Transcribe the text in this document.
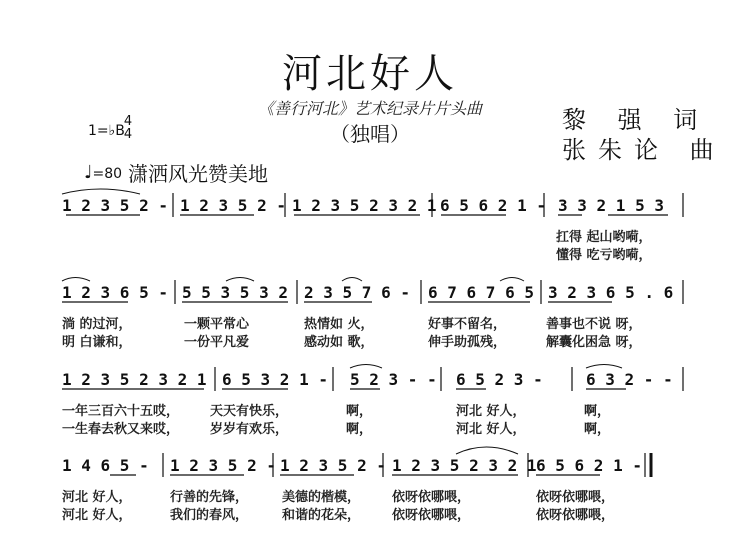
河北好人
《善行河北》艺术纪录片片头曲
（独唱）	黎 强 词
张朱论 曲
1=♭B
4
4
♩=80 潇洒风光赞美地
1 2 3 5 2 - 1 2 3 5 2 - 1 2 3 5 2 3 2 1 6 5 6 2 1 - 3 3 2 1 5 3
扛得 起山哟嗬，
懂得 吃亏哟嗬，
1 2 3 6 5 - 5 5 3 5 3 2 2 3 5 7 6 - 6 7 6 7 6 5 3 2 3 6 5 . 6
淌 的过河，	一颗平常心	热情如 火，	好事不留名，	善事也不说 呀，
明 白谦和，	一份平凡爱	感动如 歌，	伸手助孤残，	解囊化困急 呀，
1 2 3 5 2 3 2 1 6 5 3 2 1 - 5 2 3 - - 6 5 2 3 -	6 3 2 - -
一年三百六十五哎， 天天有快乐，	啊，	河北 好人，	啊，
一生春去秋又来哎， 岁岁有欢乐，	啊，	河北 好人，	啊，
1 4 6 5 - 1 2 3 5 2 - 1 2 3 5 2 - 1 2 3 5 2 3 2 1 6 5 6 2 1 -
河北 好人，	行善的先锋，	美德的楷模， 依呀依哪喂，	依呀依哪喂，
河北 好人，	我们的春风，	和谐的花朵， 依呀依哪喂，	依呀依哪喂，
